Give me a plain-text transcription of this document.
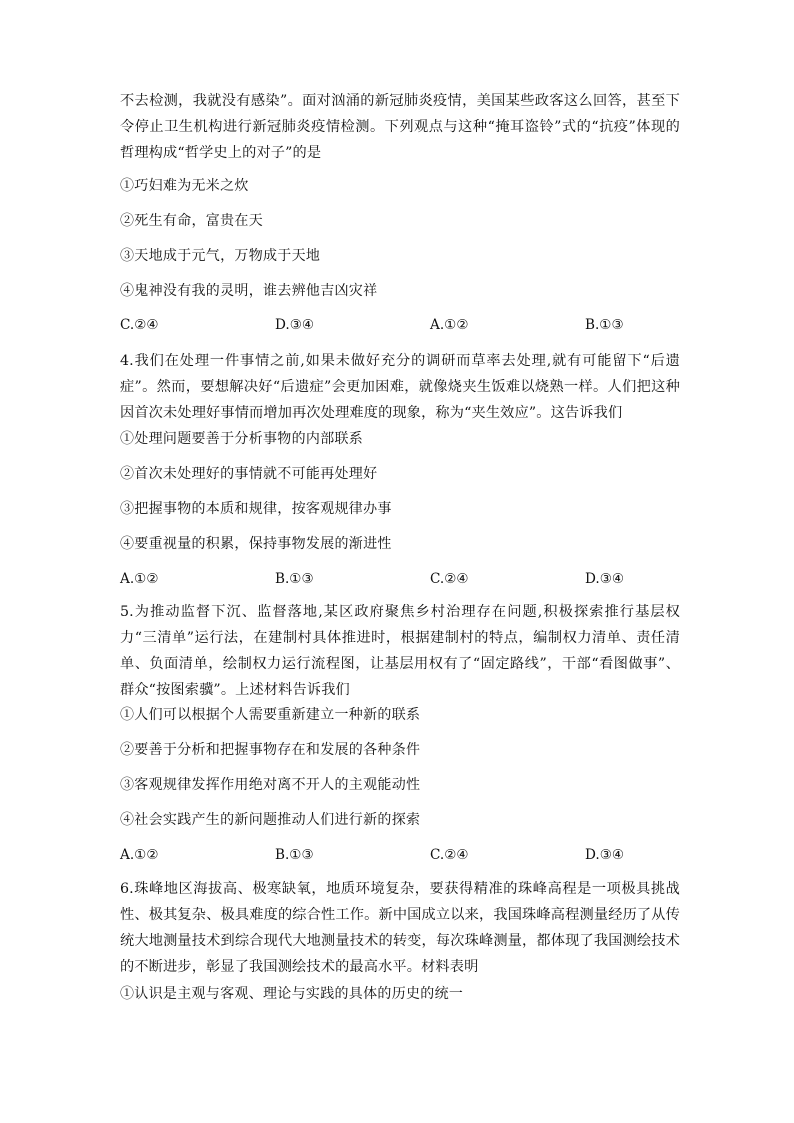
不去检测，我就没有感染”。面对汹涌的新冠肺炎疫情，美国某些政客这么回答，甚至下令停止卫生机构进行新冠肺炎疫情检测。下列观点与这种“掩耳盗铃”式的“抗疫”体现的哲理构成“哲学史上的对子”的是

①巧妇难为无米之炊

②死生有命，富贵在天

③天地成于元气，万物成于天地

④鬼神没有我的灵明，谁去辨他吉凶灾祥

C.②④	D.③④	A.①②	B.①③

4.我们在处理一件事情之前,如果未做好充分的调研而草率去处理,就有可能留下“后遗症”。然而，要想解决好“后遗症”会更加困难，就像烧夹生饭难以烧熟一样。人们把这种因首次未处理好事情而增加再次处理难度的现象，称为“夹生效应”。这告诉我们

①处理问题要善于分析事物的内部联系

②首次未处理好的事情就不可能再处理好

③把握事物的本质和规律，按客观规律办事

④要重视量的积累，保持事物发展的渐进性

A.①②	B.①③	C.②④	D.③④

5.为推动监督下沉、监督落地,某区政府聚焦乡村治理存在问题,积极探索推行基层权力“三清单”运行法，在建制村具体推进时，根据建制村的特点，编制权力清单、责任清单、负面清单，绘制权力运行流程图，让基层用权有了“固定路线”，干部“看图做事”、群众“按图索骥”。上述材料告诉我们

①人们可以根据个人需要重新建立一种新的联系

②要善于分析和把握事物存在和发展的各种条件

③客观规律发挥作用绝对离不开人的主观能动性

④社会实践产生的新问题推动人们进行新的探索

A.①②	B.①③	C.②④	D.③④

6.珠峰地区海拔高、极寒缺氧，地质环境复杂，要获得精准的珠峰高程是一项极具挑战性、极其复杂、极具难度的综合性工作。新中国成立以来，我国珠峰高程测量经历了从传统大地测量技术到综合现代大地测量技术的转变，每次珠峰测量，都体现了我国测绘技术的不断进步，彰显了我国测绘技术的最高水平。材料表明

①认识是主观与客观、理论与实践的具体的历史的统一
